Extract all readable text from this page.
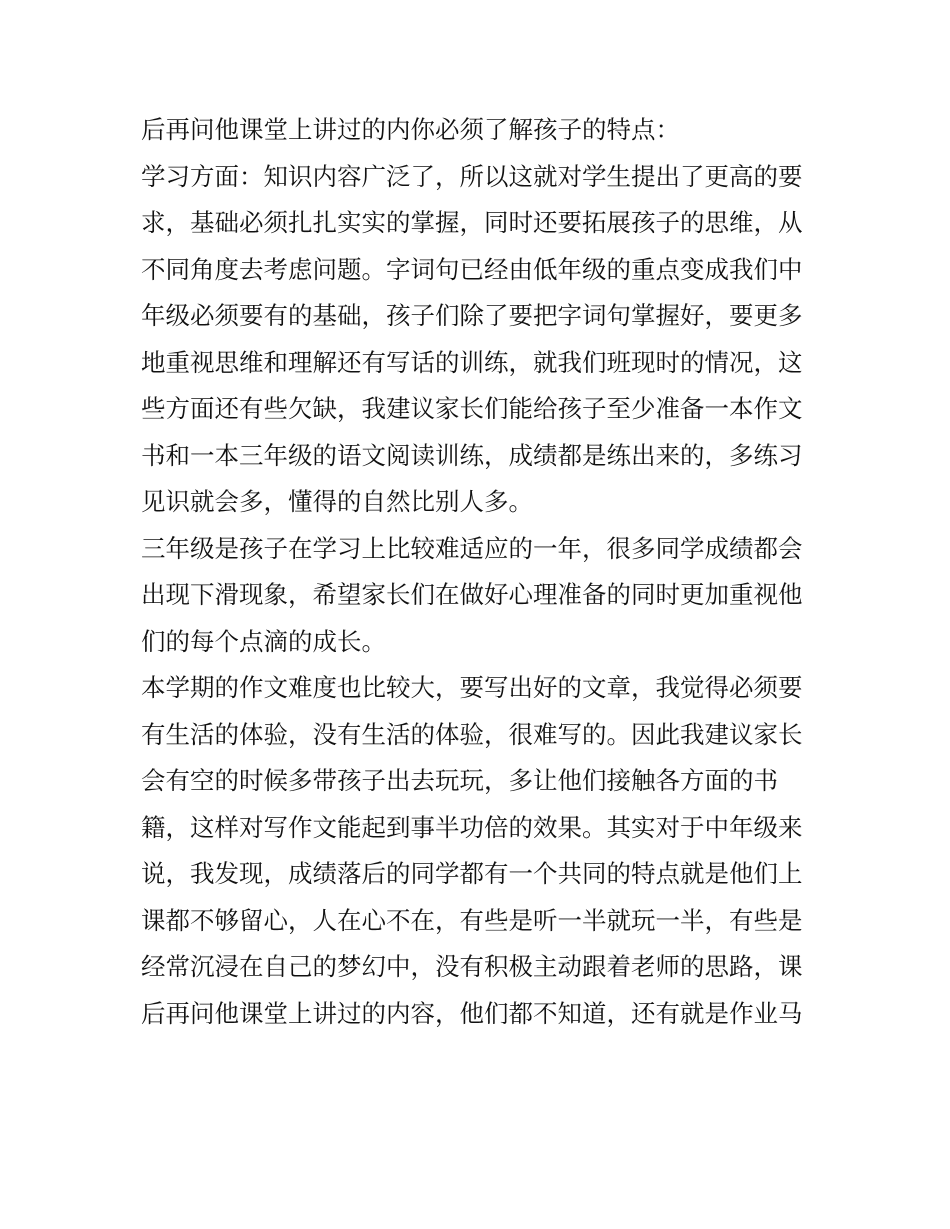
后再问他课堂上讲过的内你必须了解孩子的特点：
学习方面：知识内容广泛了，所以这就对学生提出了更高的要
求，基础必须扎扎实实的掌握，同时还要拓展孩子的思维，从
不同角度去考虑问题。字词句已经由低年级的重点变成我们中
年级必须要有的基础，孩子们除了要把字词句掌握好，要更多
地重视思维和理解还有写话的训练，就我们班现时的情况，这
些方面还有些欠缺，我建议家长们能给孩子至少准备一本作文
书和一本三年级的语文阅读训练，成绩都是练出来的，多练习
见识就会多，懂得的自然比别人多。
三年级是孩子在学习上比较难适应的一年，很多同学成绩都会
出现下滑现象，希望家长们在做好心理准备的同时更加重视他
们的每个点滴的成长。
本学期的作文难度也比较大，要写出好的文章，我觉得必须要
有生活的体验，没有生活的体验，很难写的。因此我建议家长
会有空的时候多带孩子出去玩玩，多让他们接触各方面的书
籍，这样对写作文能起到事半功倍的效果。其实对于中年级来
说，我发现，成绩落后的同学都有一个共同的特点就是他们上
课都不够留心，人在心不在，有些是听一半就玩一半，有些是
经常沉浸在自己的梦幻中，没有积极主动跟着老师的思路，课
后再问他课堂上讲过的内容，他们都不知道，还有就是作业马
